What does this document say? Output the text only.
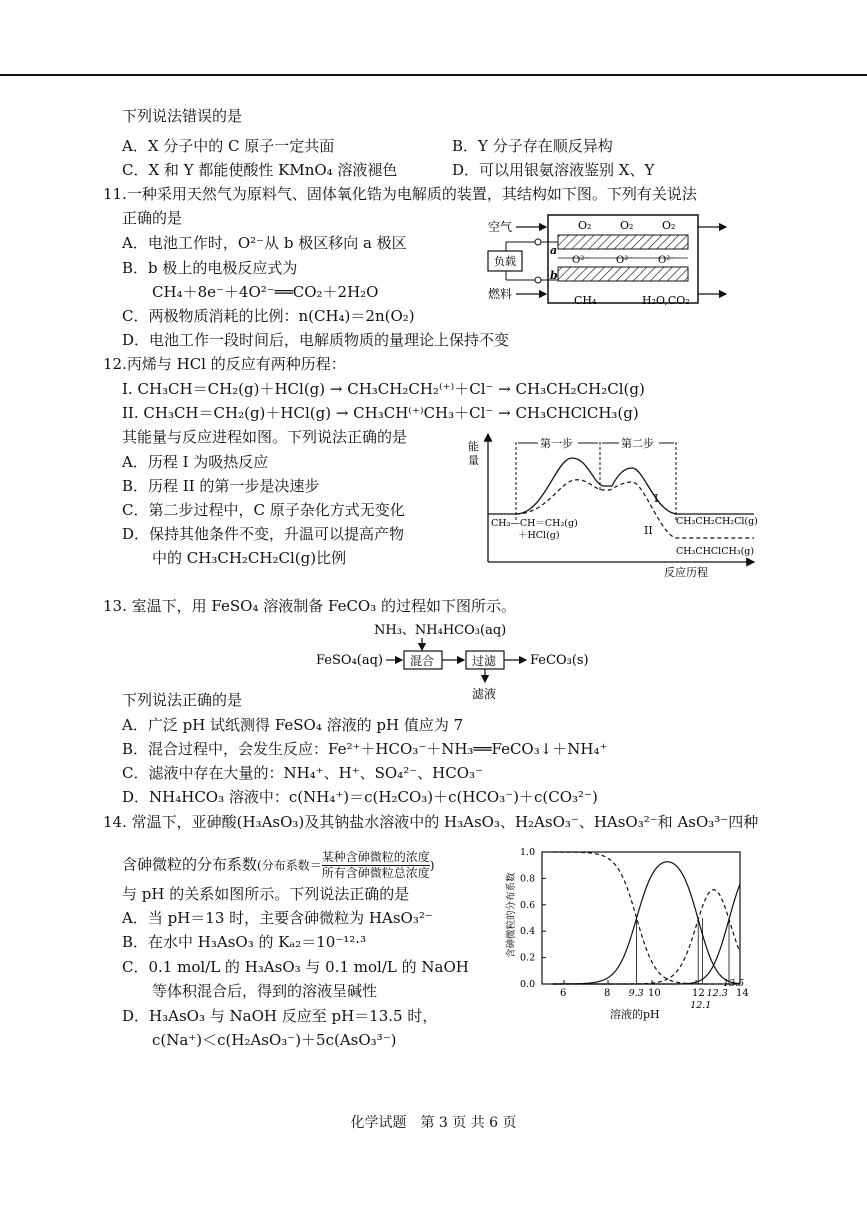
下列说法错误的是
A．X 分子中的 C 原子一定共面	B．Y 分子存在顺反异构
C．X 和 Y 都能使酸性 KMnO₄ 溶液褪色	D．可以用银氨溶液鉴别 X、Y
11.一种采用天然气为原料气、固体氧化锆为电解质的装置，其结构如下图。下列有关说法
正确的是
A．电池工作时，O²⁻从 b 极区移向 a 极区
B．b 极上的电极反应式为
CH₄＋8e⁻＋4O²⁻══CO₂＋2H₂O
C．两极物质消耗的比例：n(CH₄)＝2n(O₂)
D．电池工作一段时间后，电解质物质的量理论上保持不变
空气
燃料
O₂	O₂	O₂
O²⁻	O²⁻ O²⁻
a
b
负载
CH₄	H₂O,CO₂
12.丙烯与 HCl 的反应有两种历程：
I. CH₃CH＝CH₂(g)＋HCl(g) → CH₃CH₂CH₂⁽⁺⁾＋Cl⁻ → CH₃CH₂CH₂Cl(g)
II. CH₃CH＝CH₂(g)＋HCl(g) → CH₃CH⁽⁺⁾CH₃＋Cl⁻ → CH₃CHClCH₃(g)
其能量与反应进程如图。下列说法正确的是
A．历程 I 为吸热反应
B．历程 II 的第一步是决速步
C．第二步过程中，C 原子杂化方式无变化
D．保持其他条件不变，升温可以提高产物
中的 CH₃CH₂CH₂Cl(g)比例
能
量
反应历程
第一步	第二步
I
II
CH₃—CH＝CH₂(g)
＋HCl(g)
CH₃CH₂CH₂Cl(g)
CH₃CHClCH₃(g)
13. 室温下，用 FeSO₄ 溶液制备 FeCO₃ 的过程如下图所示。
NH₃、NH₄HCO₃(aq)
FeSO₄(aq) 混合	过滤	FeCO₃(s)
滤液
下列说法正确的是
A．广泛 pH 试纸测得 FeSO₄ 溶液的 pH 值应为 7
B．混合过程中，会发生反应：Fe²⁺＋HCO₃⁻＋NH₃══FeCO₃↓＋NH₄⁺
C．滤液中存在大量的：NH₄⁺、H⁺、SO₄²⁻、HCO₃⁻
D．NH₄HCO₃ 溶液中：c(NH₄⁺)＝c(H₂CO₃)＋c(HCO₃⁻)＋c(CO₃²⁻)
14. 常温下，亚砷酸(H₃AsO₃)及其钠盐水溶液中的 H₃AsO₃、H₂AsO₃⁻、HAsO₃²⁻和 AsO₃³⁻四种
含砷微粒的分布系数(分布系数＝
某种含砷微粒的浓度
所有含砷微粒总浓度
)
与 pH 的关系如图所示。下列说法正确的是
A．当 pH＝13 时，主要含砷微粒为 HAsO₃²⁻
B．在水中 H₃AsO₃ 的 Kₐ₂＝10⁻¹²·³
C．0.1 mol/L 的 H₃AsO₃ 与 0.1 mol/L 的 NaOH
等体积混合后，得到的溶液呈碱性
D．H₃AsO₃ 与 NaOH 反应至 pH＝13.5 时，
c(Na⁺)＜c(H₂AsO₃⁻)＋5c(AsO₃³⁻)
6	8	10	12	14
0.0
0.2
0.4
0.6
0.8
1.0
9.3
12.1
12.3
13.5
溶液的pH
含砷微粒的分布系数
化学试题　第 3 页 共 6 页
